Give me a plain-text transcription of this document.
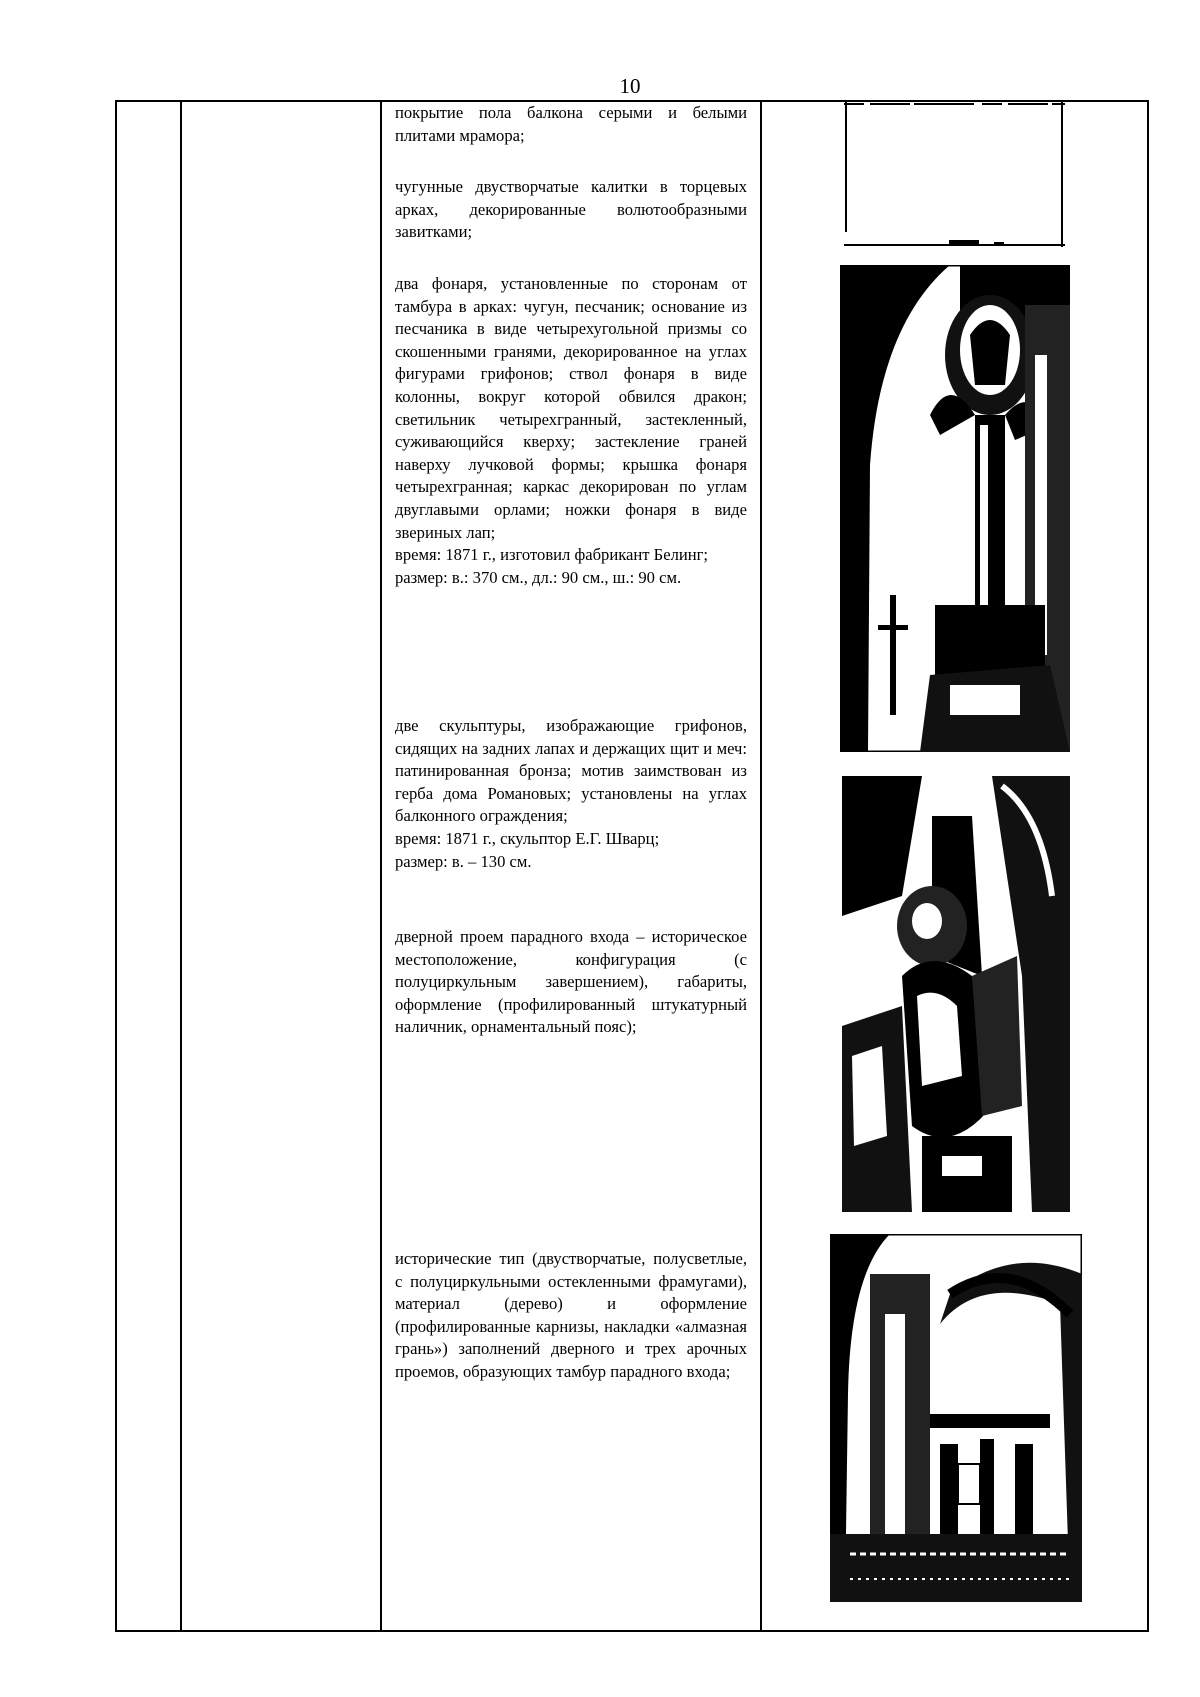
10

покрытие пола балкона серыми и белыми плитами мрамора;

чугунные двустворчатые калитки в торцевых арках, декорированные волютообразными завитками;

два фонаря, установленные по сторонам от тамбура в арках: чугун, песчаник; основание из песчаника в виде четырехугольной призмы со скошенными гранями, декорированное на углах фигурами грифонов; ствол фонаря в виде колонны, вокруг которой обвился дракон; светильник четырехгранный, застекленный, суживающийся кверху; застекление граней наверху лучковой формы; крышка фонаря четырехгранная; каркас декорирован по углам двуглавыми орлами; ножки фонаря в виде звериных лап;

время: 1871 г., изготовил фабрикант Белинг;

размер: в.: 370 см., дл.: 90 см., ш.: 90 см.

две скульптуры, изображающие грифонов, сидящих на задних лапах и держащих щит и меч: патинированная бронза; мотив заимствован из герба дома Романовых; установлены на углах балконного ограждения;

время: 1871 г., скульптор Е.Г. Шварц;

размер: в. – 130 см.

дверной проем парадного входа – историческое местоположение, конфигурация (с полуциркульным завершением), габариты, оформление (профилированный штукатурный наличник, орнаментальный пояс);

исторические тип (двустворчатые, полусветлые, с полуциркульными остекленными фрамугами), материал (дерево) и оформление (профилированные карнизы, накладки «алмазная грань») заполнений дверного и трех арочных проемов, образующих тамбур парадного входа;
